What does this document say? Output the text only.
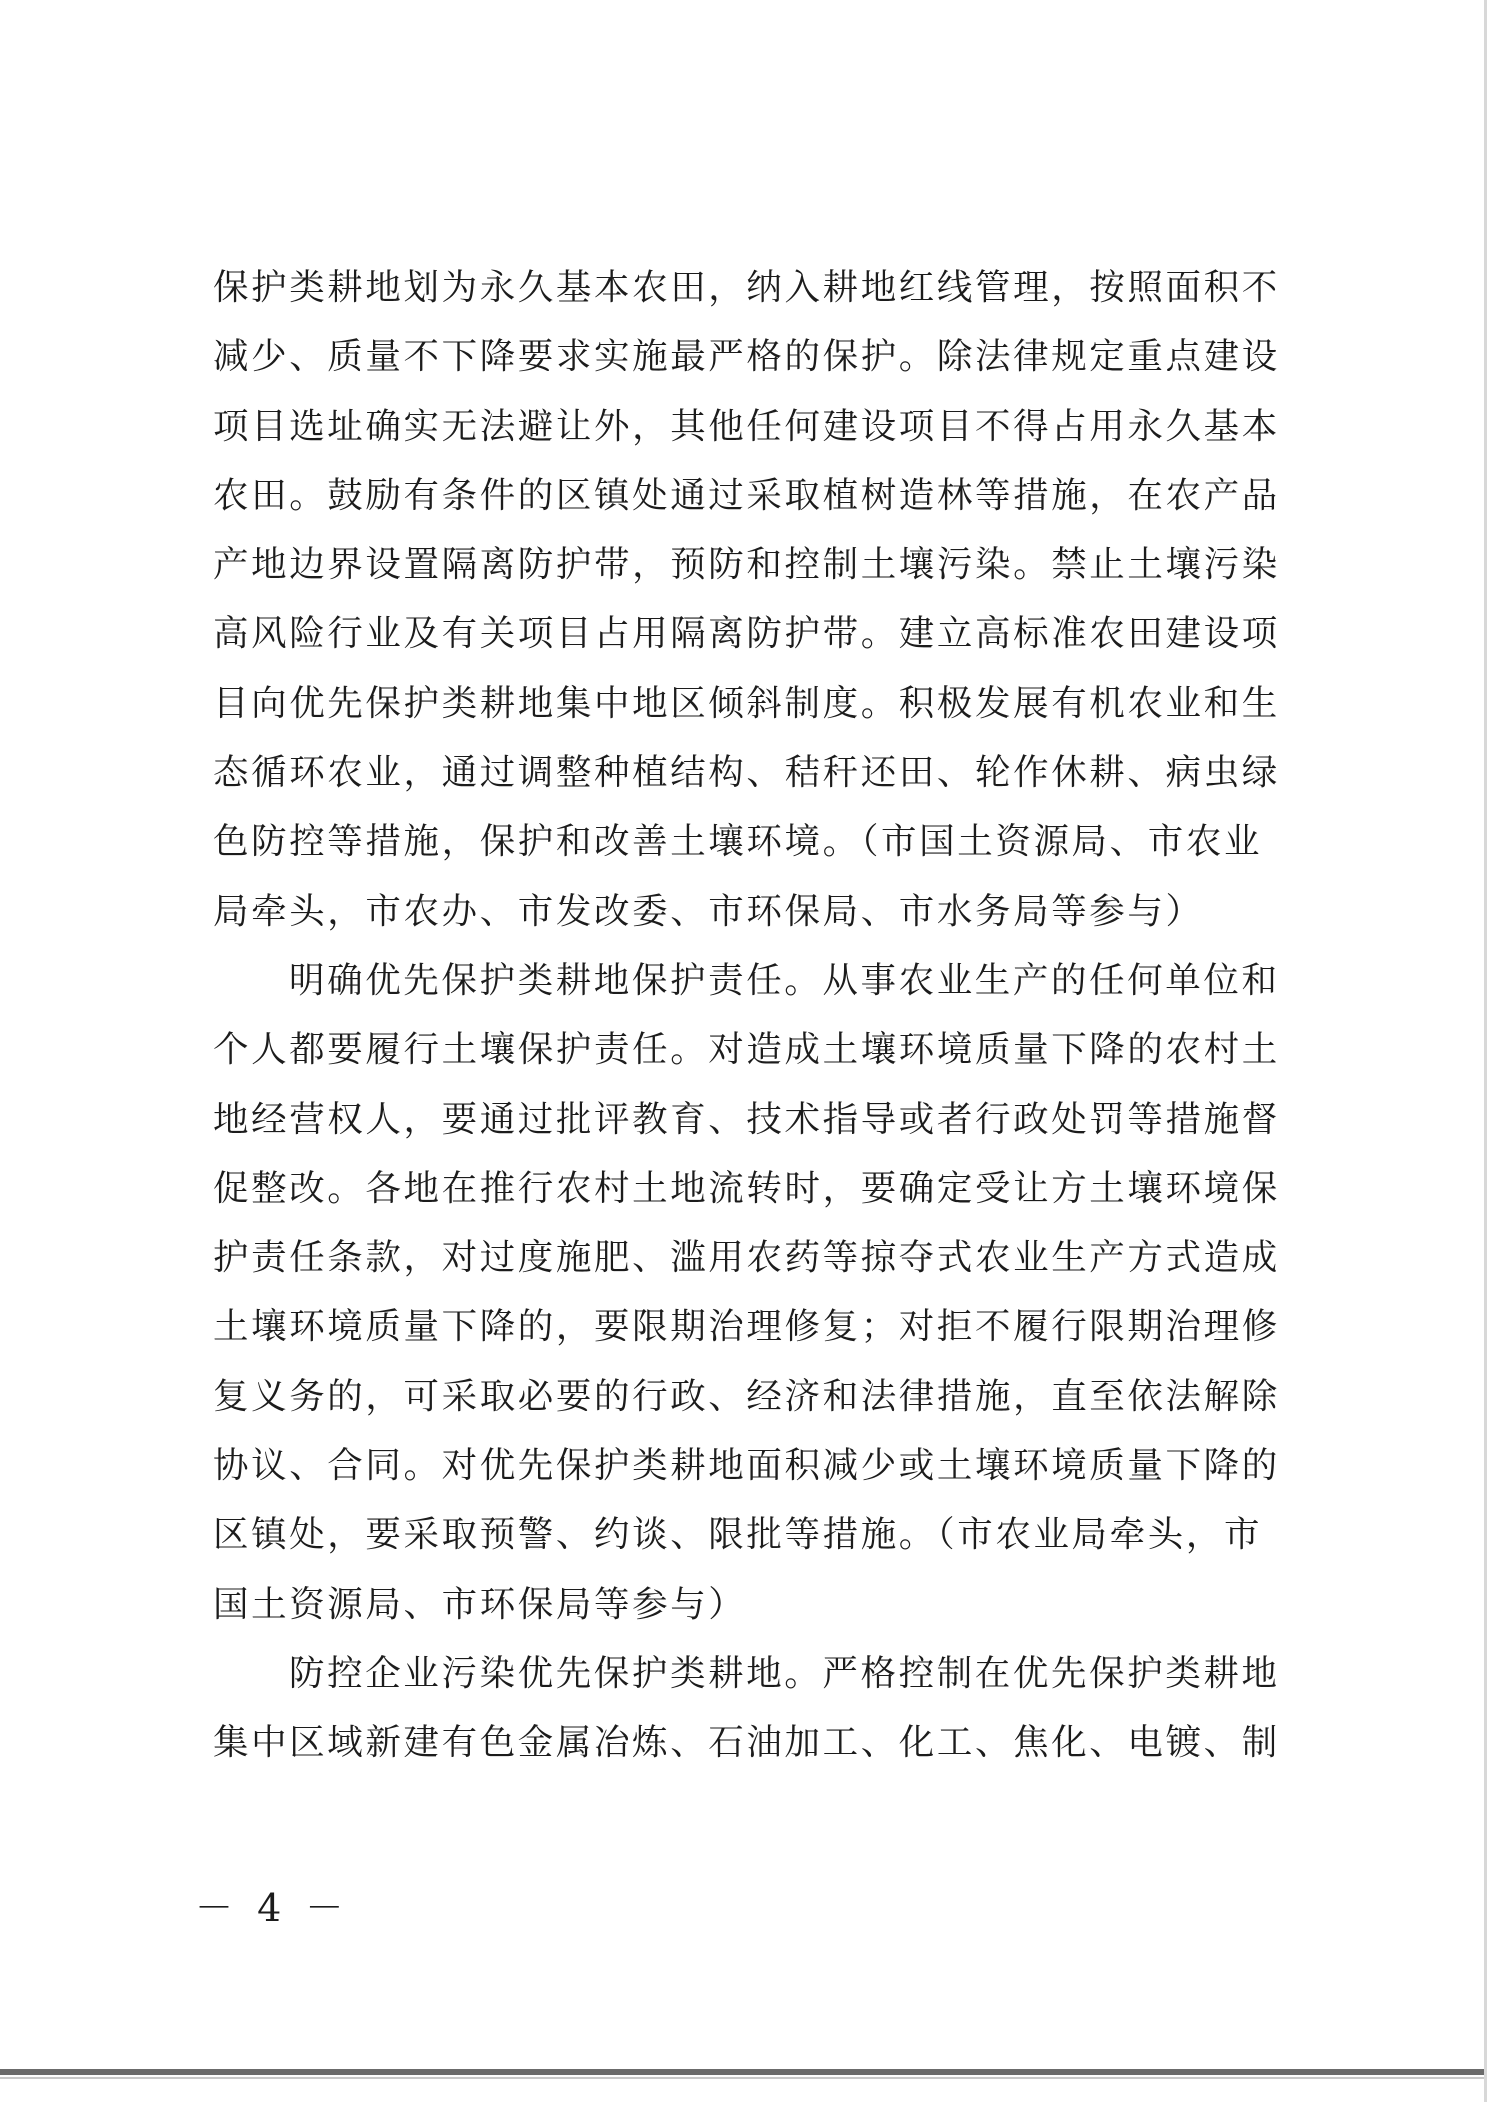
保护类耕地划为永久基本农田，纳入耕地红线管理，按照面积不
减少、质量不下降要求实施最严格的保护。除法律规定重点建设
项目选址确实无法避让外，其他任何建设项目不得占用永久基本
农田。鼓励有条件的区镇处通过采取植树造林等措施，在农产品
产地边界设置隔离防护带，预防和控制土壤污染。禁止土壤污染
高风险行业及有关项目占用隔离防护带。建立高标准农田建设项
目向优先保护类耕地集中地区倾斜制度。积极发展有机农业和生
态循环农业，通过调整种植结构、秸秆还田、轮作休耕、病虫绿
色防控等措施，保护和改善土壤环境。（市国土资源局、市农业
局牵头，市农办、市发改委、市环保局、市水务局等参与）
明确优先保护类耕地保护责任。从事农业生产的任何单位和
个人都要履行土壤保护责任。对造成土壤环境质量下降的农村土
地经营权人，要通过批评教育、技术指导或者行政处罚等措施督
促整改。各地在推行农村土地流转时，要确定受让方土壤环境保
护责任条款，对过度施肥、滥用农药等掠夺式农业生产方式造成
土壤环境质量下降的，要限期治理修复；对拒不履行限期治理修
复义务的，可采取必要的行政、经济和法律措施，直至依法解除
协议、合同。对优先保护类耕地面积减少或土壤环境质量下降的
区镇处，要采取预警、约谈、限批等措施。（市农业局牵头，市
国土资源局、市环保局等参与）
防控企业污染优先保护类耕地。严格控制在优先保护类耕地
集中区域新建有色金属冶炼、石油加工、化工、焦化、电镀、制
－ 4 －
